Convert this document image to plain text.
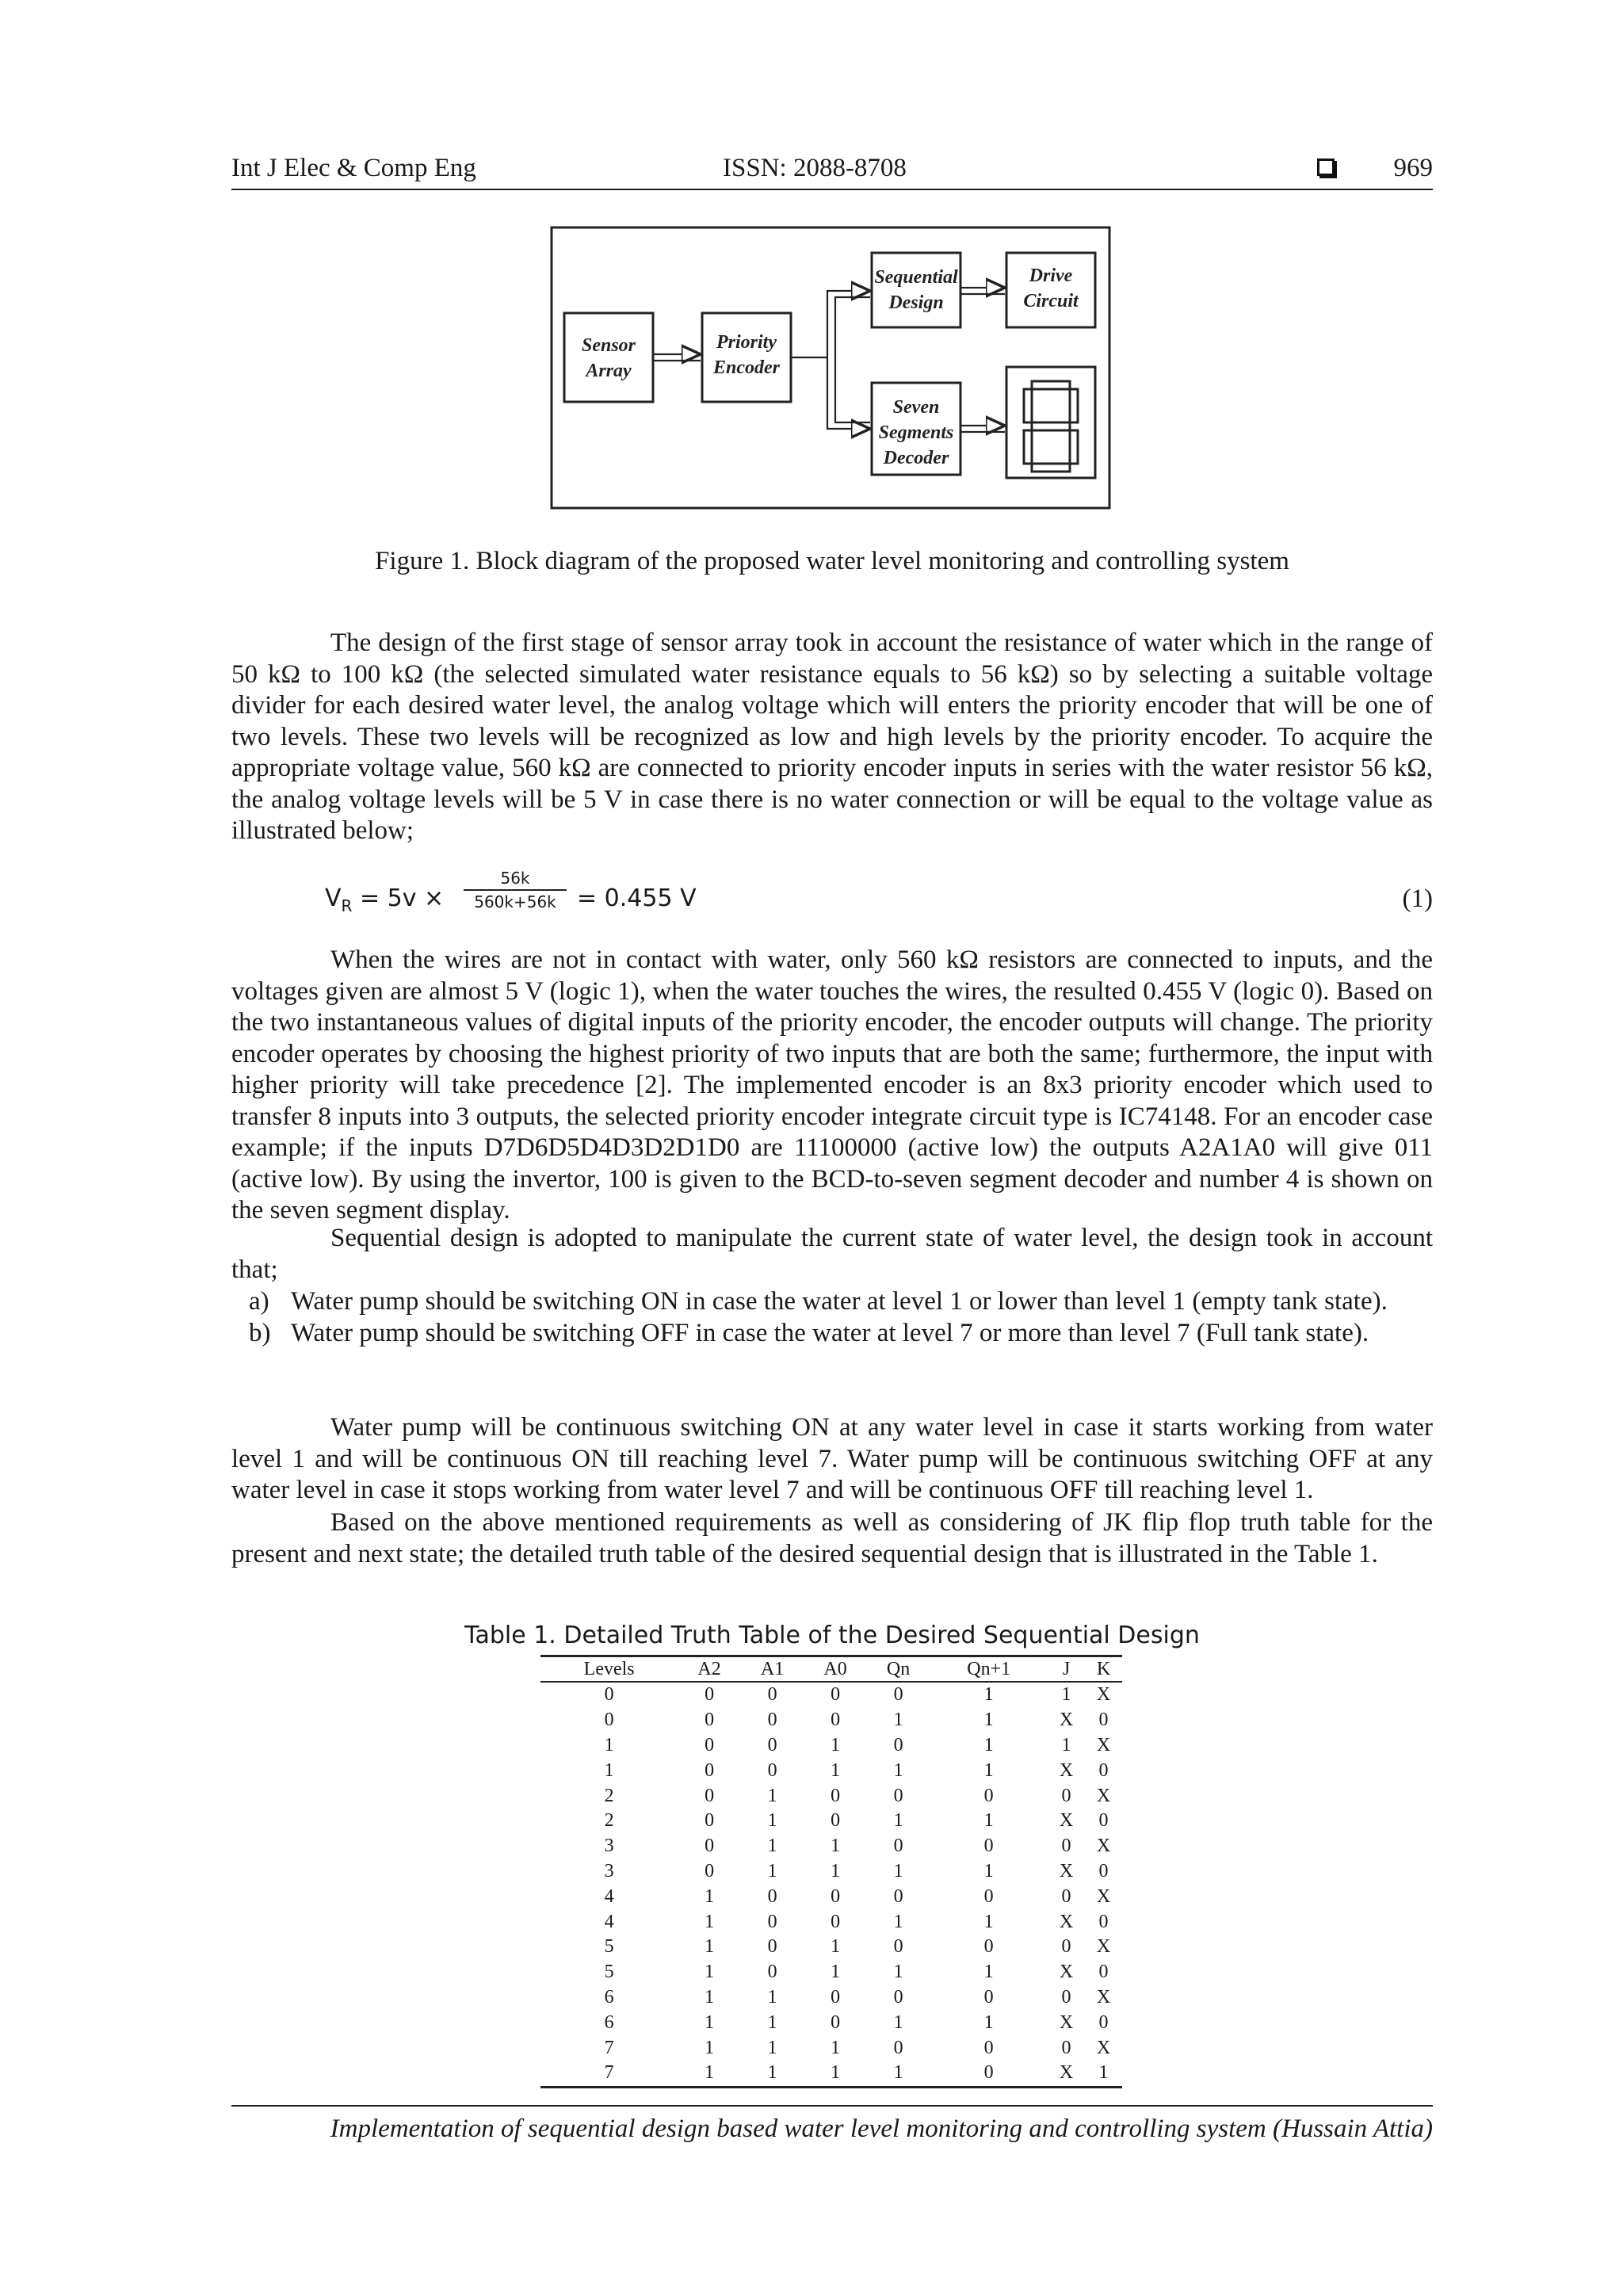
Int J Elec & Comp Eng	ISSN: 2088-8708	969
Sensor
Array
Priority
Encoder
Sequential
Design
Drive
Circuit
Seven
Segments
Decoder
Figure 1. Block diagram of the proposed water level monitoring and controlling system
The design of the first stage of sensor array took in account the resistance of water which in the range of 50 kΩ to 100 kΩ (the selected simulated water resistance equals to 56 kΩ) so by selecting a suitable voltage divider for each desired water level, the analog voltage which will enters the priority encoder that will be one of two levels. These two levels will be recognized as low and high levels by the priority encoder. To acquire the appropriate voltage value, 560 kΩ are connected to priority encoder inputs in series with the water resistor 56 kΩ, the analog voltage levels will be 5 V in case there is no water connection or will be equal to the voltage value as illustrated below;
$V_R = 5v \times \frac{56k}{560k+56k} = 0.455$ V	(1)
When the wires are not in contact with water, only 560 kΩ resistors are connected to inputs, and the voltages given are almost 5 V (logic 1), when the water touches the wires, the resulted 0.455 V (logic 0). Based on the two instantaneous values of digital inputs of the priority encoder, the encoder outputs will change. The priority encoder operates by choosing the highest priority of two inputs that are both the same; furthermore, the input with higher priority will take precedence [2]. The implemented encoder is an 8x3 priority encoder which used to transfer 8 inputs into 3 outputs, the selected priority encoder integrate circuit type is IC74148. For an encoder case example; if the inputs D7D6D5D4D3D2D1D0 are 11100000 (active low) the outputs A2A1A0 will give 011 (active low). By using the invertor, 100 is given to the BCD-to-seven segment decoder and number 4 is shown on the seven segment display.
Sequential design is adopted to manipulate the current state of water level, the design took in account that;
a) Water pump should be switching ON in case the water at level 1 or lower than level 1 (empty tank state).
b) Water pump should be switching OFF in case the water at level 7 or more than level 7 (Full tank state).
Water pump will be continuous switching ON at any water level in case it starts working from water level 1 and will be continuous ON till reaching level 7. Water pump will be continuous switching OFF at any water level in case it stops working from water level 7 and will be continuous OFF till reaching level 1.
Based on the above mentioned requirements as well as considering of JK flip flop truth table for the present and next state; the detailed truth table of the desired sequential design that is illustrated in the Table 1.
Table 1. Detailed Truth Table of the Desired Sequential Design
Levels	A2	A1	A0	Qn	Qn+1	J	K
0	0	0	0	0	1	1	X
0	0	0	0	1	1	X	0
1	0	0	1	0	1	1	X
1	0	0	1	1	1	X	0
2	0	1	0	0	0	0	X
2	0	1	0	1	1	X	0
3	0	1	1	0	0	0	X
3	0	1	1	1	1	X	0
4	1	0	0	0	0	0	X
4	1	0	0	1	1	X	0
5	1	0	1	0	0	0	X
5	1	0	1	1	1	X	0
6	1	1	0	0	0	0	X
6	1	1	0	1	1	X	0
7	1	1	1	0	0	0	X
7	1	1	1	1	0	X	1
Implementation of sequential design based water level monitoring and controlling system (Hussain Attia)
